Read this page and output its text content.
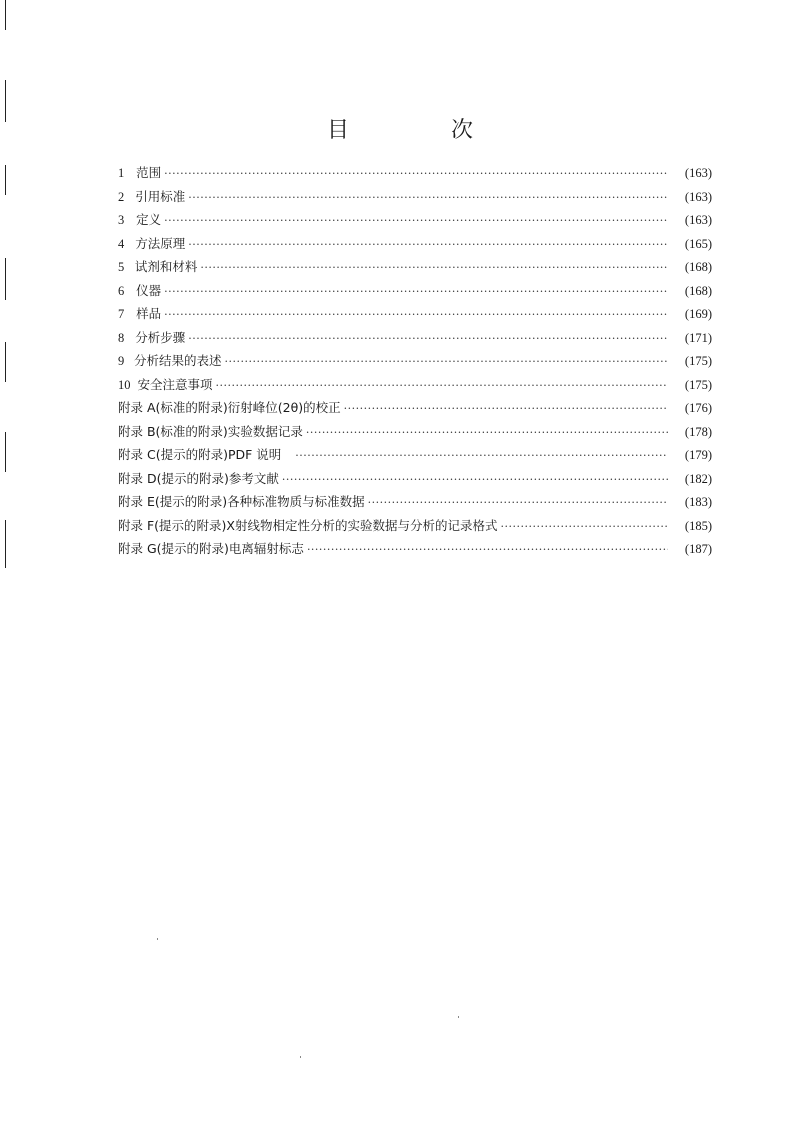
目　次
1 范围 ·····	(163)
2 引用标准 ·····	(163)
3 定义 ·····	(163)
4 方法原理 ·····	(165)
5 试剂和材料 ·····	(168)
6 仪器 ·····	(168)
7 样品 ·····	(169)
8 分析步骤 ·····	(171)
9 分析结果的表述 ·····	(175)
10 安全注意事项 ·····	(175)
附录 A(标准的附录) 衍射峰位(2θ)的校正 ·····	(176)
附录 B(标准的附录) 实验数据记录 ·····	(178)
附录 C(提示的附录) PDF 说明 ·····	(179)
附录 D(提示的附录) 参考文献 ·····	(182)
附录 E(提示的附录) 各种标准物质与标准数据 ·····	(183)
附录 F(提示的附录) X射线物相定性分析的实验数据与分析的记录格式 ·····	(185)
附录 G(提示的附录) 电离辐射标志 ·····	(187)
